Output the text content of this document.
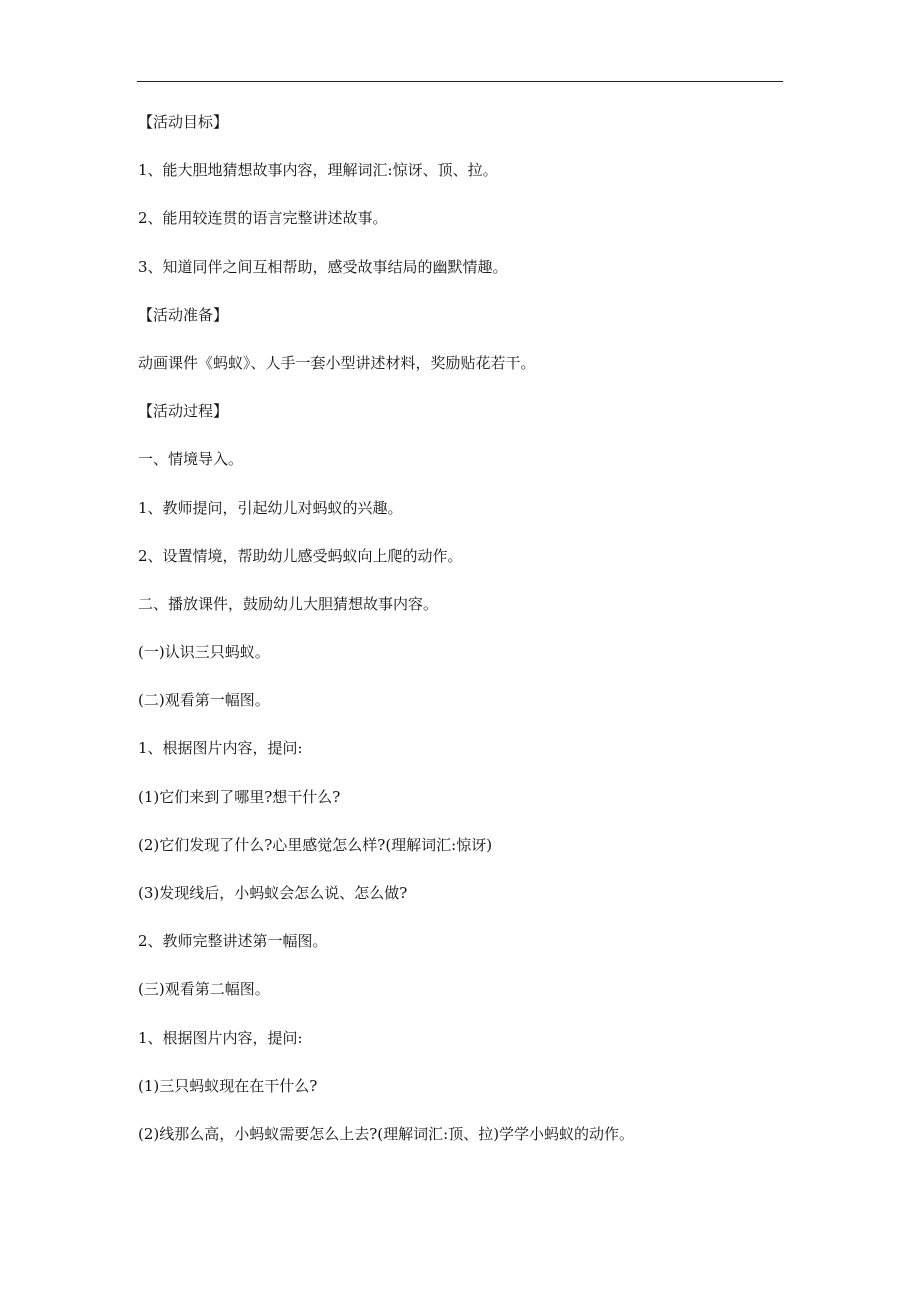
【活动目标】
1、能大胆地猜想故事内容，理解词汇:惊讶、顶、拉。
2、能用较连贯的语言完整讲述故事。
3、知道同伴之间互相帮助，感受故事结局的幽默情趣。
【活动准备】
动画课件《蚂蚁》、人手一套小型讲述材料，奖励贴花若干。
【活动过程】
一、情境导入。
1、教师提问，引起幼儿对蚂蚁的兴趣。
2、设置情境，帮助幼儿感受蚂蚁向上爬的动作。
二、播放课件，鼓励幼儿大胆猜想故事内容。
(一)认识三只蚂蚁。
(二)观看第一幅图。
1、根据图片内容，提问:
(1)它们来到了哪里?想干什么?
(2)它们发现了什么?心里感觉怎么样?(理解词汇:惊讶)
(3)发现线后，小蚂蚁会怎么说、怎么做?
2、教师完整讲述第一幅图。
(三)观看第二幅图。
1、根据图片内容，提问:
(1)三只蚂蚁现在在干什么?
(2)线那么高，小蚂蚁需要怎么上去?(理解词汇:顶、拉)学学小蚂蚁的动作。
